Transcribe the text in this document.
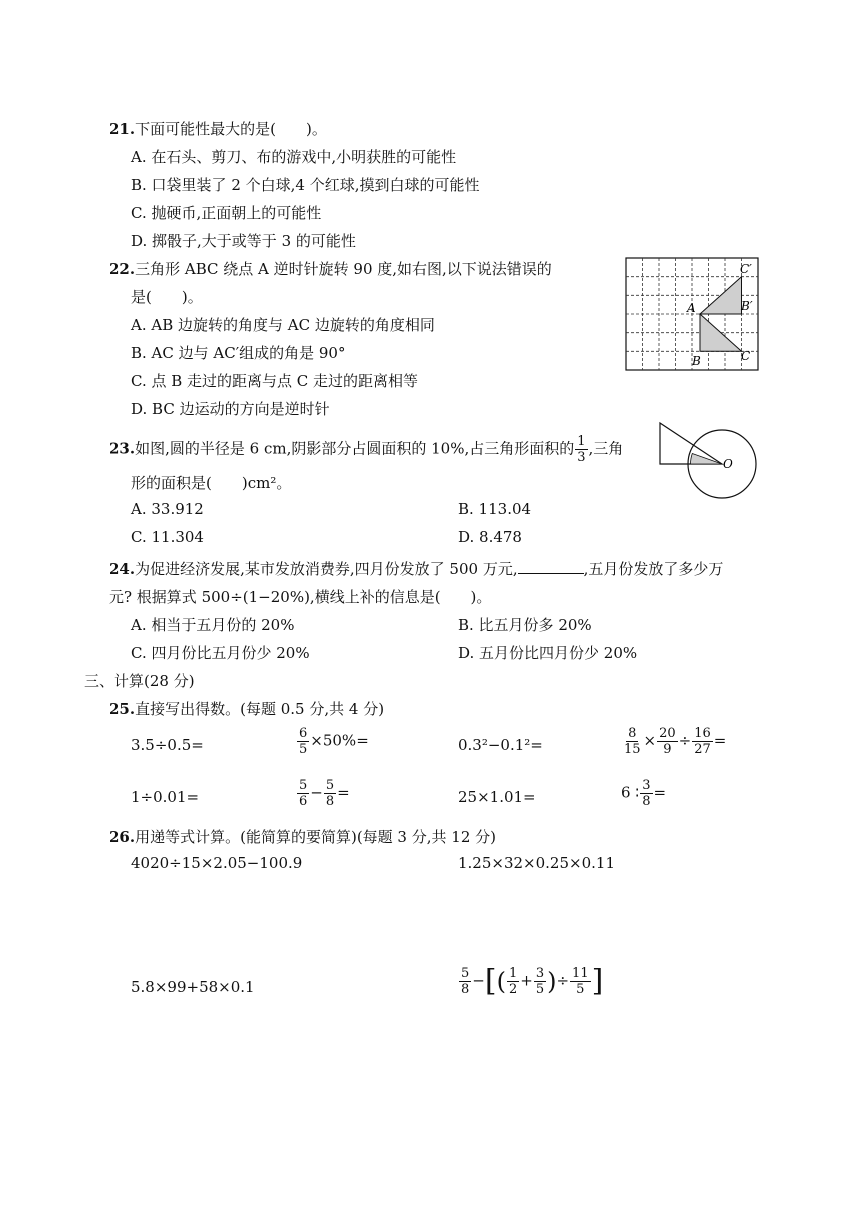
21.下面可能性最大的是(　　)。
A. 在石头、剪刀、布的游戏中,小明获胜的可能性
B. 口袋里装了 2 个白球,4 个红球,摸到白球的可能性
C. 抛硬币,正面朝上的可能性
D. 掷骰子,大于或等于 3 的可能性
22.三角形 ABC 绕点 A 逆时针旋转 90 度,如右图,以下说法错误的
是(　　)。
A. AB 边旋转的角度与 AC 边旋转的角度相同
B. AC 边与 AC′组成的角是 90°
C. 点 B 走过的距离与点 C 走过的距离相等
D. BC 边运动的方向是逆时针
A
B	C
B′
C′
23.如图,圆的半径是 6 cm,阴影部分占圆面积的 10%,占三角形面积的 $\frac{1}{3}$ ,三角
形的面积是(　　)cm²。
A. 33.912	B. 113.04
C. 11.304	D. 8.478
O
24.为促进经济发展,某市发放消费券,四月份发放了 500 万元,	,五月份发放了多少万
元? 根据算式 500÷(1−20%),横线上补的信息是(　　)。
A. 相当于五月份的 20%	B. 比五月份多 20%
C. 四月份比五月份少 20%	D. 五月份比四月份少 20%
三、计算(28 分)
25.直接写出得数。(每题 0.5 分,共 4 分)
3.5÷0.5=	$\frac{6}{5} \times 50\%=$	0.3²−0.1²=	$\frac{8}{15} \times \frac{20}{9} \div \frac{16}{27}$ =
1÷0.01=	$\frac{5}{6} - \frac{5}{8}$ =	25×1.01=	6 ∶ $\frac{3}{8}$ =
26.用递等式计算。(能简算的要简算)(每题 3 分,共 12 分)
4020÷15×2.05−100.9	1.25×32×0.25×0.11
5.8×99+58×0.1	$\frac{5}{8}$ −[( $\frac{1}{2} + \frac{3}{5}$ )÷ $\frac{11}{5}$ ]
